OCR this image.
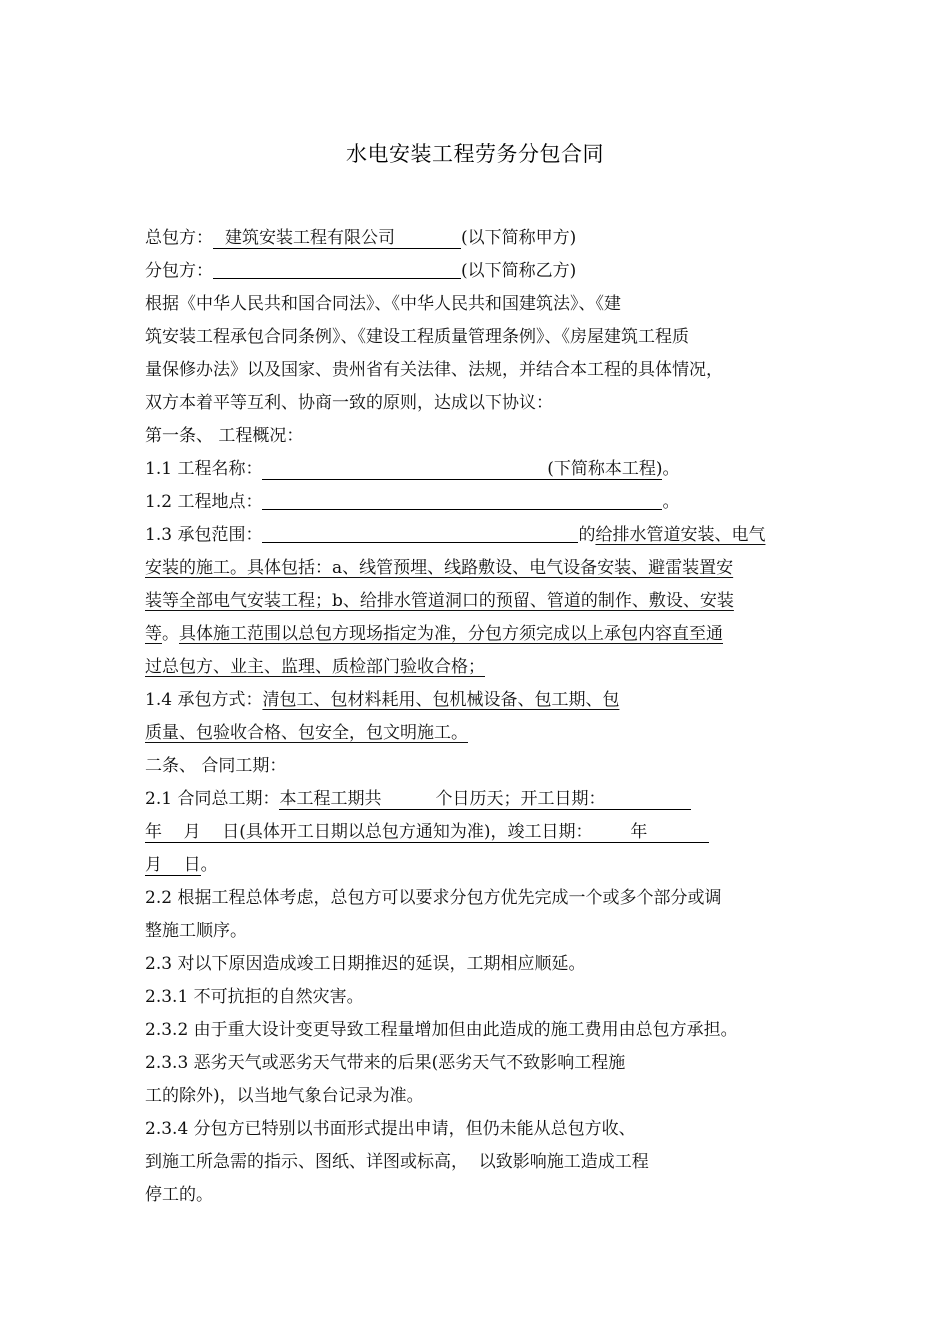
水电安装工程劳务分包合同
总包方： 建筑安装工程有限公司	(以下简称甲方)
分包方：	(以下简称乙方)
根据《中华人民共和国合同法》、《中华人民共和国建筑法》、《建
筑安装工程承包合同条例》、《建设工程质量管理条例》、《房屋建筑工程质
量保修办法》以及国家、贵州省有关法律、法规，并结合本工程的具体情况，
双方本着平等互利、协商一致的原则，达成以下协议：
第一条、 工程概况：
1.1 工程名称：	(下简称本工程)。
1.2 工程地点：	。
1.3 承包范围：	的给排水管道安装、电气
安装的施工。具体包括：a、线管预埋、线路敷设、电气设备安装、避雷装置安
装等全部电气安装工程；b、给排水管道洞口的预留、管道的制作、敷设、安装
等。具体施工范围以总包方现场指定为准，分包方须完成以上承包内容直至通
过总包方、业主、监理、质检部门验收合格；
1.4 承包方式：清包工、包材料耗用、包机械设备、包工期、包
质量、包验收合格、包安全，包文明施工。
二条、 合同工期：
2.1 合同总工期：本工程工期共          个日历天；开工日期：
年    月    日(具体开工日期以总包方通知为准)，竣工日期：       年
月    日。
2.2 根据工程总体考虑，总包方可以要求分包方优先完成一个或多个部分或调
整施工顺序。
2.3 对以下原因造成竣工日期推迟的延误，工期相应顺延。
2.3.1 不可抗拒的自然灾害。
2.3.2 由于重大设计变更导致工程量增加但由此造成的施工费用由总包方承担。
2.3.3 恶劣天气或恶劣天气带来的后果(恶劣天气不致影响工程施
工的除外)，以当地气象台记录为准。
2.3.4 分包方已特别以书面形式提出申请，但仍未能从总包方收、
到施工所急需的指示、图纸、详图或标高，  以致影响施工造成工程
停工的。
